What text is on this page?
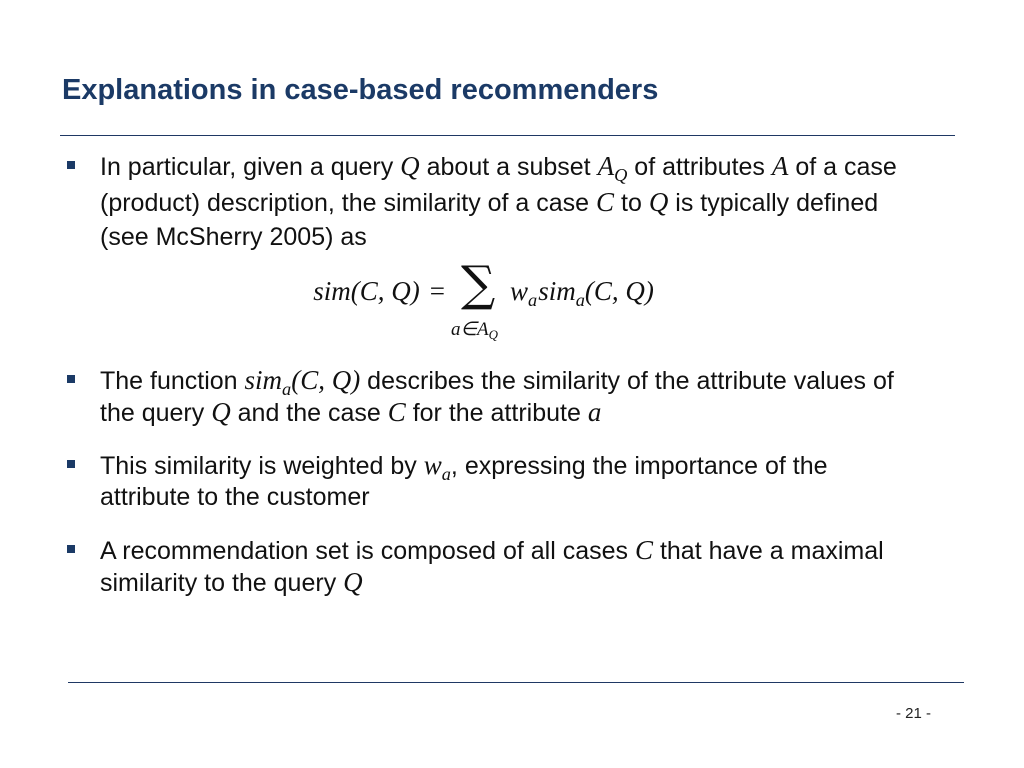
Explanations in case-based recommenders
In particular, given a query Q about a subset $A_Q$ of attributes A of a case
(product) description, the similarity of a case C to Q is typically defined
(see McSherry 2005) as
sim(C, Q) = ∑
$a\in A_Q$
$w_a$ sim$_a$ (C, Q)
The function sim$_a$ (C, Q) describes the similarity of the attribute values of
the query Q and the case C for the attribute a
This similarity is weighted by $w_a$ , expressing the importance of the
attribute to the customer
A recommendation set is composed of all cases C that have a maximal
similarity to the query Q
- 21 -
